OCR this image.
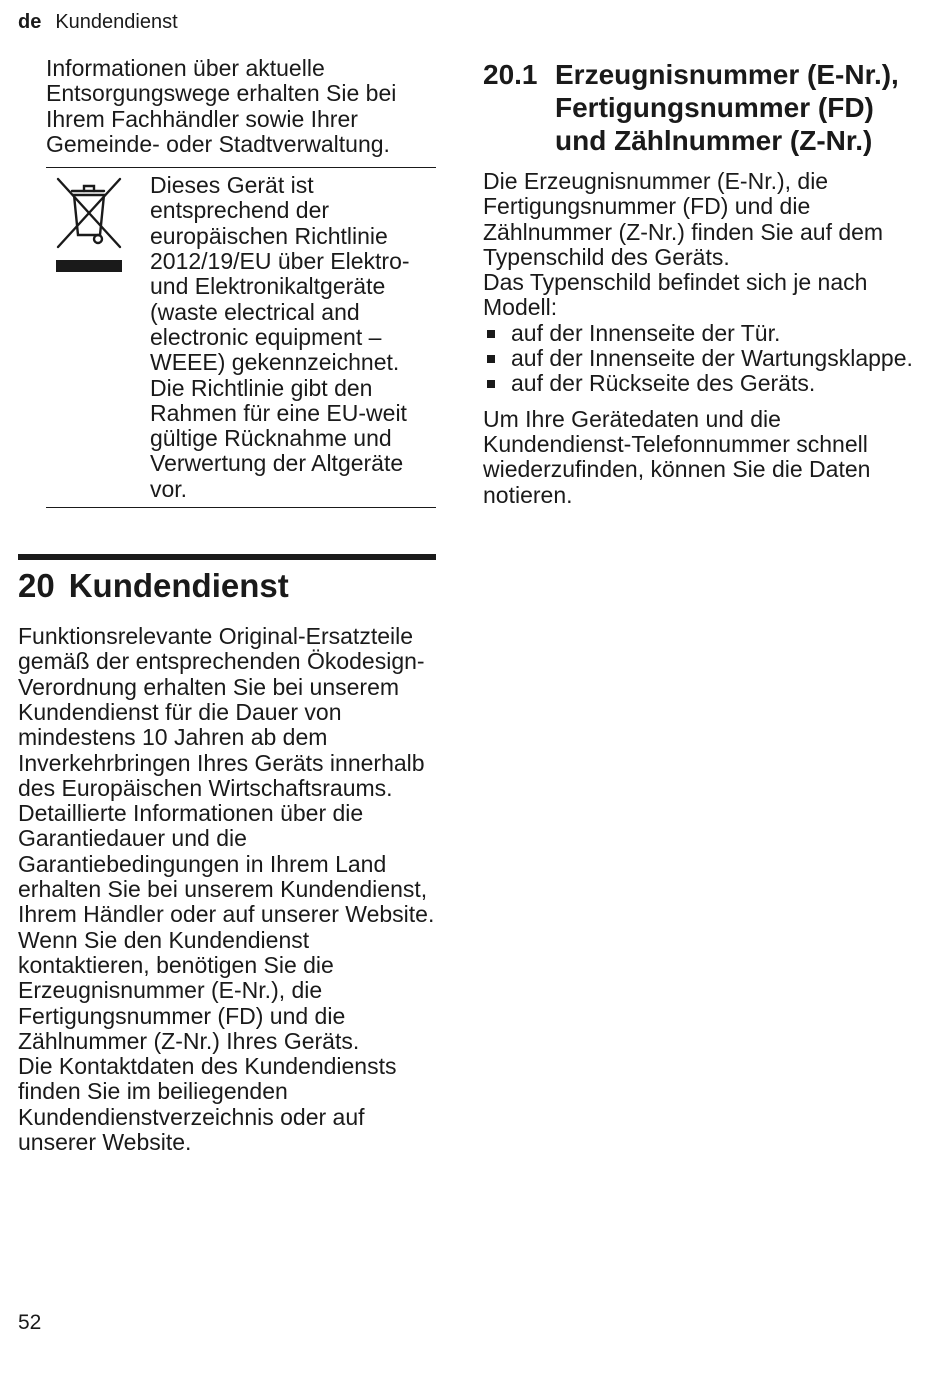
de Kundendienst

Informationen über aktuelle Entsorgungswege erhalten Sie bei Ihrem Fachhändler sowie Ihrer Gemeinde- oder Stadtverwaltung.

Dieses Gerät ist entsprechend der europäischen Richtlinie 2012/19/EU über Elektro- und Elektronikaltgeräte (waste electrical and electronic equipment – WEEE) gekennzeichnet.

Die Richtlinie gibt den Rahmen für eine EU-weit gültige Rücknahme und Verwertung der Altgeräte vor.

20 Kundendienst

Funktionsrelevante Original-Ersatzteile gemäß der entsprechenden Ökodesign-Verordnung erhalten Sie bei unserem Kundendienst für die Dauer von mindestens 10 Jahren ab dem Inverkehrbringen Ihres Geräts innerhalb des Europäischen Wirtschaftsraums.

Detaillierte Informationen über die Garantiedauer und die Garantiebedingungen in Ihrem Land erhalten Sie bei unserem Kundendienst, Ihrem Händler oder auf unserer Website.

Wenn Sie den Kundendienst kontaktieren, benötigen Sie die Erzeugnisnummer (E-Nr.), die Fertigungsnummer (FD) und die Zählnummer (Z-Nr.) Ihres Geräts.

Die Kontaktdaten des Kundendiensts finden Sie im beiliegenden Kundendienstverzeichnis oder auf unserer Website.

20.1 Erzeugnisnummer (E-Nr.), Fertigungsnummer (FD) und Zählnummer (Z-Nr.)

Die Erzeugnisnummer (E-Nr.), die Fertigungsnummer (FD) und die Zählnummer (Z-Nr.) finden Sie auf dem Typenschild des Geräts.

Das Typenschild befindet sich je nach Modell:

auf der Innenseite der Tür.
auf der Innenseite der Wartungsklappe.
auf der Rückseite des Geräts.

Um Ihre Gerätedaten und die Kundendienst-Telefonnummer schnell wiederzufinden, können Sie die Daten notieren.

52
